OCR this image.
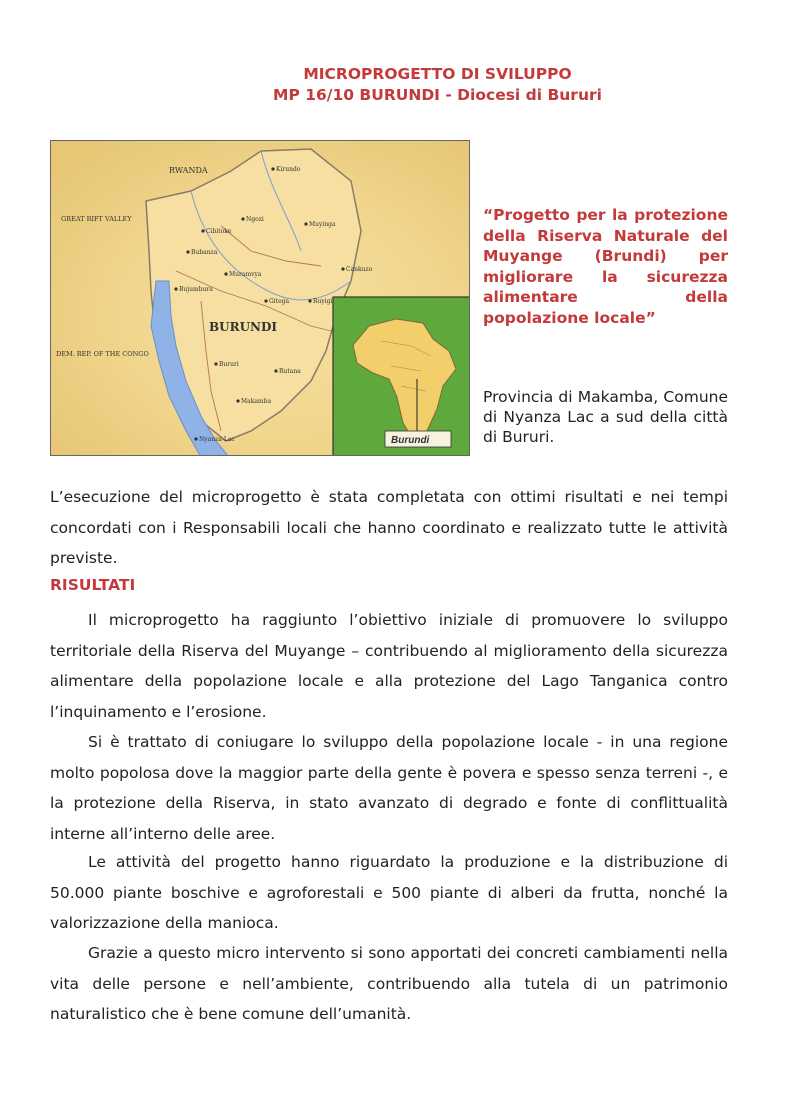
MICROPROGETTO DI SVILUPPO
MP 16/10 BURUNDI - Diocesi di Bururi
RWANDA
BURUNDI
GREAT RIFT VALLEY
DEM. REP. OF THE CONGO
Cibitoke
Ngozi
Muyinga
Bubanza
Muramvya
Bujumbura
Gitega	Ruyigi
Cankuzo
Bururi
Makamba
Nyanza-Lac
Rutana
Kirundo
Burundi
“Progetto per la protezione della Riserva Naturale del Muyange (Brundi) per migliorare la sicurezza alimentare della popolazione locale”
Provincia di Makamba, Comune di Nyanza Lac a sud della città di Bururi.
L’esecuzione del microprogetto è stata completata con ottimi risultati e nei tempi concordati con i Responsabili locali che hanno coordinato e realizzato tutte le attività previste.
RISULTATI
Il microprogetto ha raggiunto l’obiettivo iniziale di promuovere lo sviluppo territoriale della Riserva del Muyange – contribuendo al miglioramento della sicurezza alimentare della popolazione locale e alla protezione del Lago Tanganica contro l’inquinamento e l’erosione.
Si è trattato di coniugare lo sviluppo della popolazione locale - in una regione molto popolosa dove la maggior parte della gente è povera e spesso senza terreni -, e la protezione della Riserva, in stato avanzato di degrado e fonte di conflittualità interne all’interno delle aree.
Le attività del progetto hanno riguardato la produzione e la distribuzione di 50.000 piante boschive e agroforestali e 500 piante di alberi da frutta, nonché la valorizzazione della manioca.
Grazie a questo micro intervento si sono apportati dei concreti cambiamenti nella vita delle persone e nell’ambiente, contribuendo alla tutela di un patrimonio naturalistico che è bene comune dell’umanità.
